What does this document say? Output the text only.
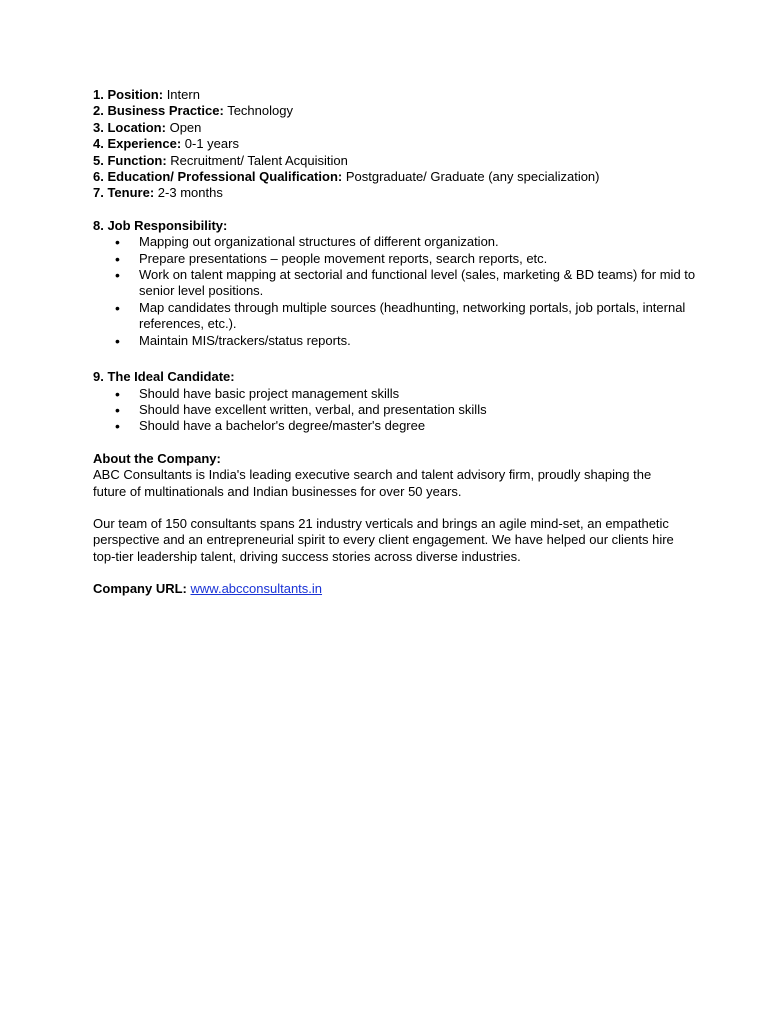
1. Position: Intern
2. Business Practice: Technology
3. Location: Open
4. Experience: 0-1 years
5. Function: Recruitment/ Talent Acquisition
6. Education/ Professional Qualification: Postgraduate/ Graduate (any specialization)
7. Tenure: 2-3 months
8. Job Responsibility:
• Mapping out organizational structures of different organization.
• Prepare presentations – people movement reports, search reports, etc.
• Work on talent mapping at sectorial and functional level (sales, marketing & BD teams) for mid to senior level positions.
• Map candidates through multiple sources (headhunting, networking portals, job portals, internal references, etc.).
• Maintain MIS/trackers/status reports.
9. The Ideal Candidate:
• Should have basic project management skills
• Should have excellent written, verbal, and presentation skills
• Should have a bachelor's degree/master's degree
About the Company:
ABC Consultants is India's leading executive search and talent advisory firm, proudly shaping the future of multinationals and Indian businesses for over 50 years.
Our team of 150 consultants spans 21 industry verticals and brings an agile mind-set, an empathetic perspective and an entrepreneurial spirit to every client engagement. We have helped our clients hire top-tier leadership talent, driving success stories across diverse industries.
Company URL: www.abcconsultants.in
